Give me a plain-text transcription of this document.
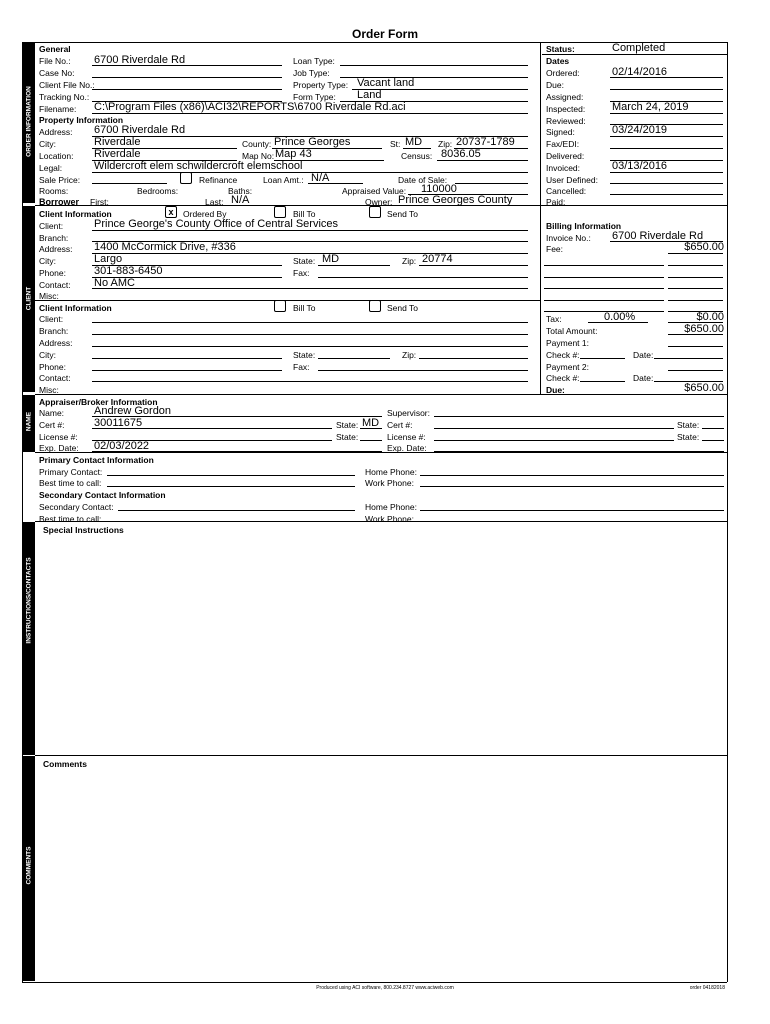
Order Form
ORDER INFORMATION
CLIENT
NAME
INSTRUCTIONS/CONTACTS
COMMENTS
General
File No.: 6700 Riverdale Rd
Case No:
Client File No.:
Tracking No.:
Filename: C:\Program Files (x86)\ACI32\REPORTS\6700 Riverdale Rd.aci
Loan Type:
Job Type:
Property Type: Vacant land
Form Type: Land
Property Information
Address: 6700 Riverdale Rd
City:	Riverdale	County: Prince Georges	St: MD Zip: 20737-1789
Location: Riverdale	Map No: Map 43	Census: 8036.05
Legal:	Wildercroft elem schwildercroft elemschool
Sale Price:	Refinance	Loan Amt.: N/A	Date of Sale:
Rooms:	Bedrooms:	Baths:	Appraised Value: 110000
Borrower First:	Last: N/A	Owner: Prince Georges County
Status:	Completed
Dates
Ordered:	02/14/2016
Due:
Assigned:
Inspected: March 24, 2019
Reviewed:
Signed:	03/24/2019
Fax/EDI:
Delivered:
Invoiced:	03/13/2016
User Defined:
Cancelled:
Paid:
Client Information	x	Ordered By	Bill To	Send To
Client:	Prince George's County Office of Central Services
Branch:
Address: 1400 McCormick Drive, #336
City:	Largo	State: MD	Zip: 20774
Phone:	301-883-6450	Fax:
Contact: No AMC
Misc:
Client Information	Bill To	Send To
Client:
Branch:
Address:
City:	State:	Zip:
Phone:	Fax:
Contact:
Misc:
Billing Information
Invoice No.: 6700 Riverdale Rd
Fee:	$650.00
Tax:	0.00%	$0.00
Total Amount:	$650.00
Payment 1:
Check #:	Date:
Payment 2:
Check #:	Date:
Due:	$650.00
Appraiser/Broker Information
Name:	Andrew Gordon
Cert #:	30011675	State: MD
License #:	State:
Exp. Date: 02/03/2022
Supervisor:
Cert #:	State:
License #:	State:
Exp. Date:
Primary Contact Information
Primary Contact:	Home Phone:
Best time to call:	Work Phone:
Secondary Contact Information
Secondary Contact:	Home Phone:
Best time to call:	Work Phone:
Special Instructions
Comments
Produced using ACI software, 800.234.8727 www.aciweb.com	order 04182018
